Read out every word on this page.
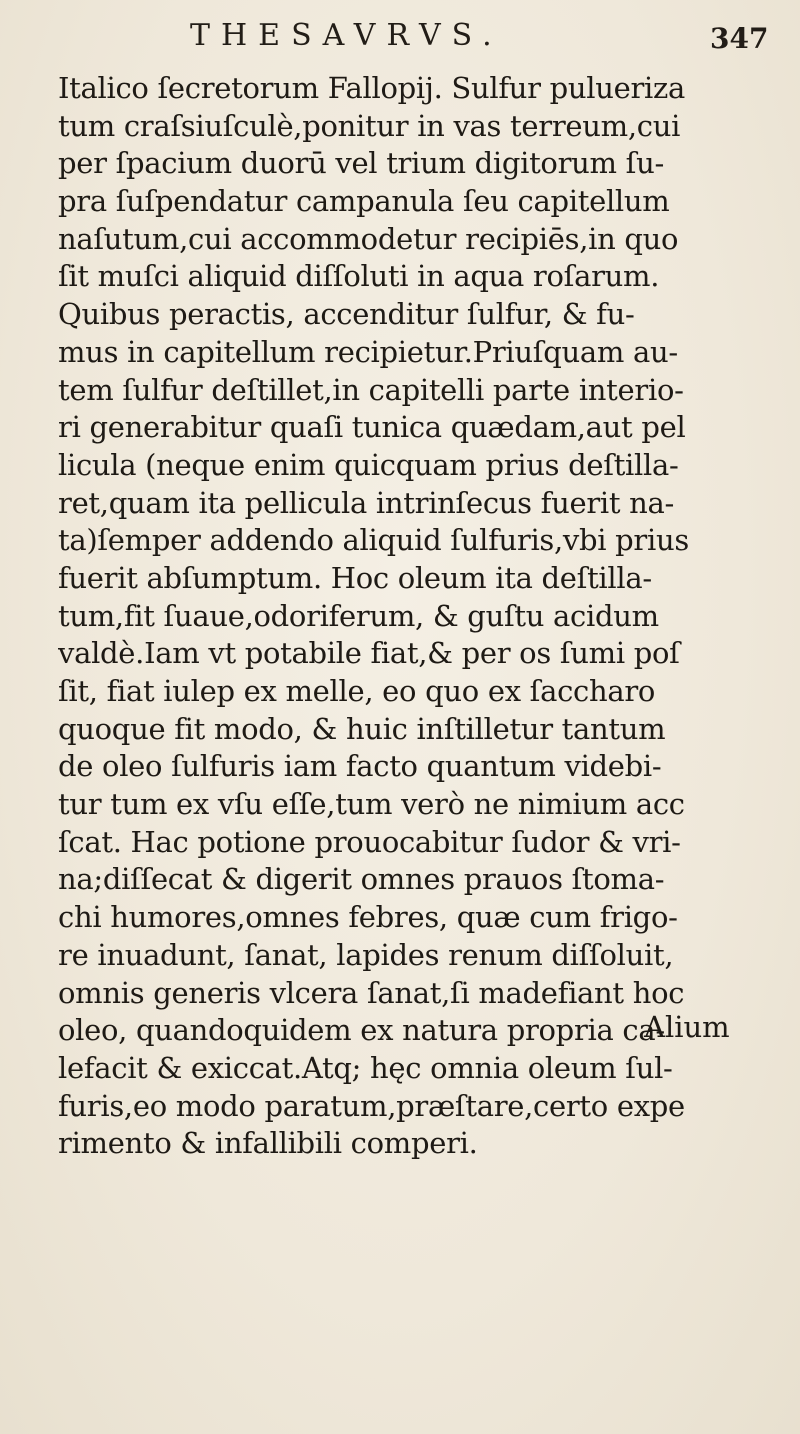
THESAVRVS.	347
Italico ſecretorum Fallopij. Sulfur pulueriza
tum craſsiuſculè,ponitur in vas terreum,cui
per ſpacium duorū vel trium digitorum ſu-
pra ſuſpendatur campanula ſeu capitellum
naſutum,cui accommodetur recipiēs,in quo
ſit muſci aliquid diſſoluti in aqua roſarum.
Quibus peractis, accenditur ſulfur, & fu-
mus in capitellum recipietur.Priuſquam au-
tem ſulfur deſtillet,in capitelli parte interio-
ri generabitur quaſi tunica quædam,aut pel
licula (neque enim quicquam prius deſtilla-
ret,quam ita pellicula intrinſecus fuerit na-
ta)ſemper addendo aliquid ſulfuris,vbi prius
fuerit abſumptum. Hoc oleum ita deſtilla-
tum,fit ſuaue,odoriferum, & guſtu acidum
valdè.Iam vt potabile fiat,& per os ſumi poſ
ſit, fiat iulep ex melle, eo quo ex ſaccharo
quoque fit modo, & huic inſtilletur tantum
de oleo ſulfuris iam facto quantum videbi-
tur tum ex vſu eſſe,tum verò ne nimium acc
ſcat. Hac potione prouocabitur ſudor & vri-
na;diſſecat & digerit omnes prauos ſtoma-
chi humores,omnes febres, quæ cum frigo-
re inuadunt, ſanat, lapides renum diſſoluit,
omnis generis vlcera ſanat,ſi madefiant hoc
oleo, quandoquidem ex natura propria ca-
lefacit & exiccat.Atq; hęc omnia oleum ſul-
furis,eo modo paratum,præſtare,certo expe
rimento & infallibili comperi.
Alium
